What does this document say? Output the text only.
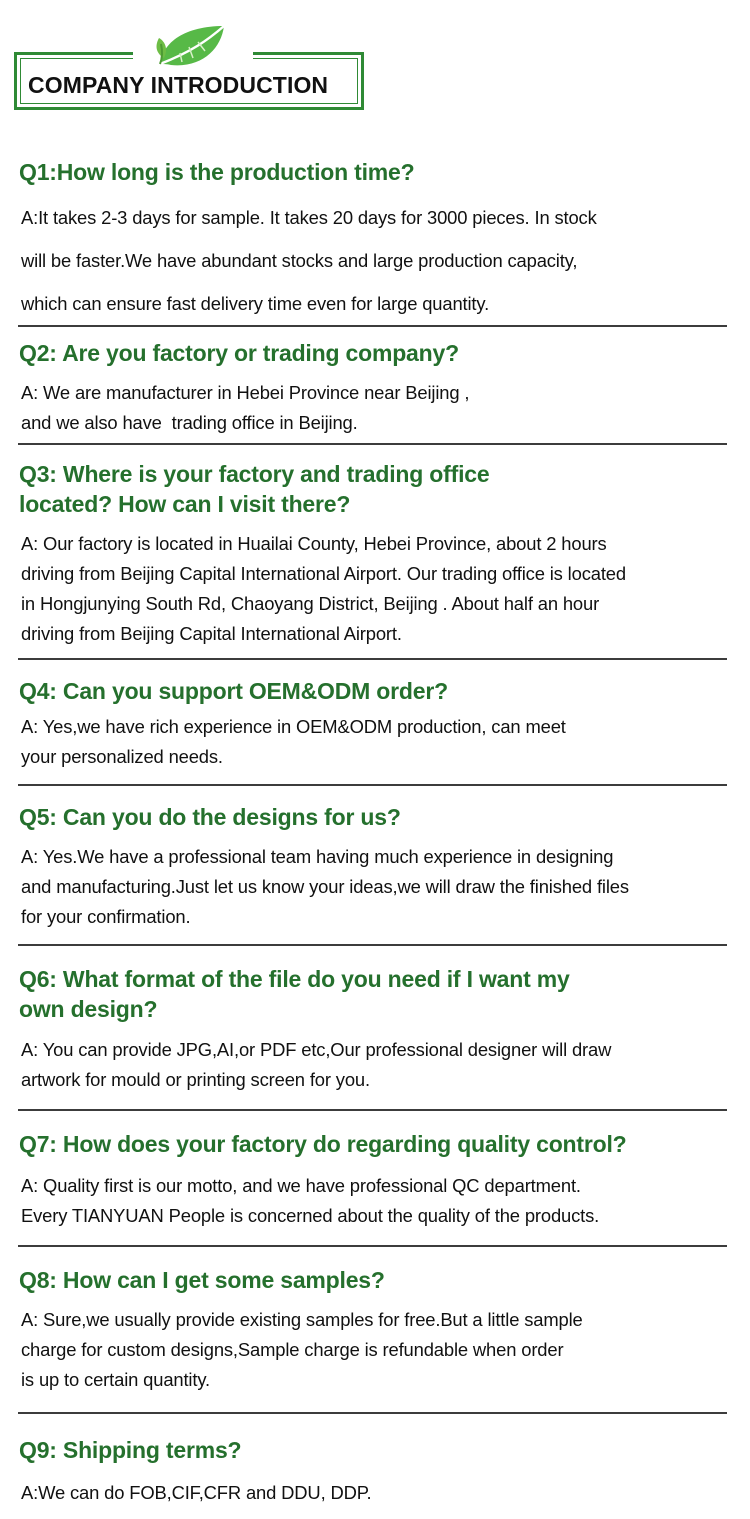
COMPANY INTRODUCTION
Q1:How long is the production time?

A:It takes 2-3 days for sample. It takes 20 days for 3000 pieces. In stock
will be faster.We have abundant stocks and large production capacity,
which can ensure fast delivery time even for large quantity.

Q2: Are you factory or trading company?

A: We are manufacturer in Hebei Province near Beijing ,
and we also have  trading office in Beijing.

Q3: Where is your factory and trading office
located? How can I visit there?

A: Our factory is located in Huailai County, Hebei Province, about 2 hours
driving from Beijing Capital International Airport. Our trading office is located
in Hongjunying South Rd, Chaoyang District, Beijing . About half an hour
driving from Beijing Capital International Airport.

Q4: Can you support OEM&ODM order?

A: Yes,we have rich experience in OEM&ODM production, can meet
your personalized needs.

Q5: Can you do the designs for us?

A: Yes.We have a professional team having much experience in designing
and manufacturing.Just let us know your ideas,we will draw the finished files
for your confirmation.

Q6: What format of the file do you need if I want my
own design?

A: You can provide JPG,AI,or PDF etc,Our professional designer will draw
artwork for mould or printing screen for you.

Q7: How does your factory do regarding quality control?

A: Quality first is our motto, and we have professional QC department.
Every TIANYUAN People is concerned about the quality of the products.

Q8: How can I get some samples?

A: Sure,we usually provide existing samples for free.But a little sample
charge for custom designs,Sample charge is refundable when order
is up to certain quantity.

Q9: Shipping terms?

A:We can do FOB,CIF,CFR and DDU, DDP.
